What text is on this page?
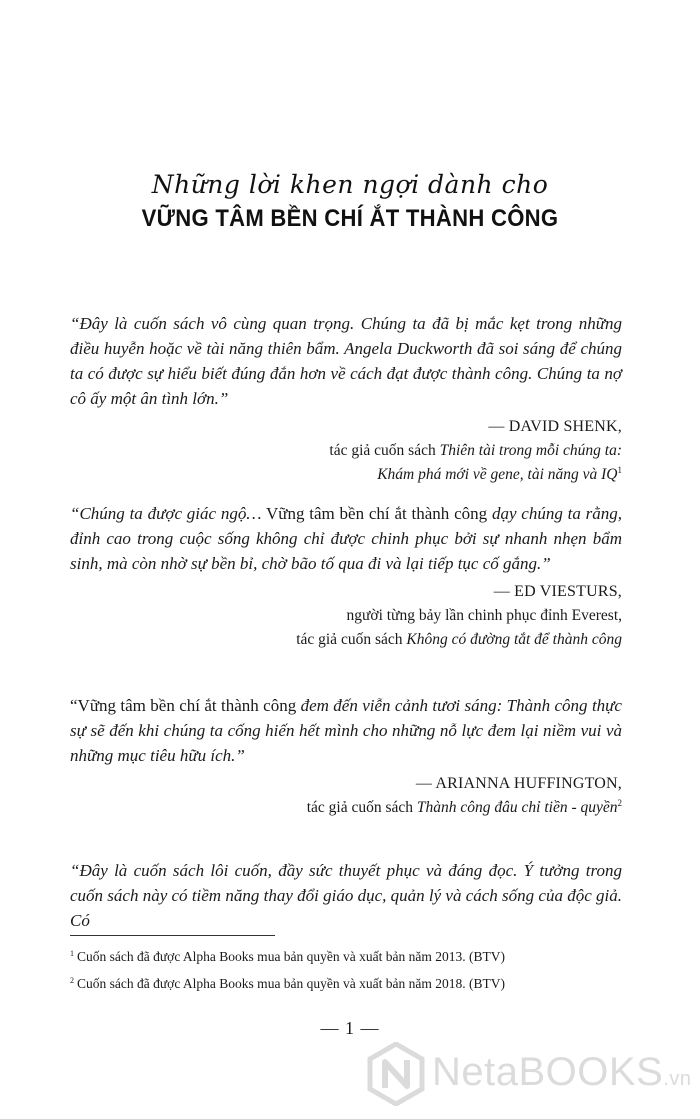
Những lời khen ngợi dành cho
VỮNG TÂM BỀN CHÍ ẮT THÀNH CÔNG

“Đây là cuốn sách vô cùng quan trọng. Chúng ta đã bị mắc kẹt trong những điều huyễn hoặc về tài năng thiên bẩm. Angela Duckworth đã soi sáng để chúng ta có được sự hiểu biết đúng đắn hơn về cách đạt được thành công. Chúng ta nợ cô ấy một ân tình lớn.”

— DAVID SHENK,

tác giả cuốn sách Thiên tài trong mỗi chúng ta:

Khám phá mới về gene, tài năng và $IQ^1$

“Chúng ta được giác ngộ… Vững tâm bền chí ắt thành công dạy chúng ta rằng, đỉnh cao trong cuộc sống không chỉ được chinh phục bởi sự nhanh nhẹn bẩm sinh, mà còn nhờ sự bền bỉ, chờ bão tố qua đi và lại tiếp tục cố gắng.”

— ED VIESTURS,

người từng bảy lần chinh phục đỉnh Everest,

tác giả cuốn sách Không có đường tắt để thành công

“Vững tâm bền chí ắt thành công đem đến viễn cảnh tươi sáng: Thành công thực sự sẽ đến khi chúng ta cống hiến hết mình cho những nỗ lực đem lại niềm vui và những mục tiêu hữu ích.”

— ARIANNA HUFFINGTON,

tác giả cuốn sách Thành công đâu chỉ tiền - quyền$^2$

“Đây là cuốn sách lôi cuốn, đầy sức thuyết phục và đáng đọc. Ý tưởng trong cuốn sách này có tiềm năng thay đổi giáo dục, quản lý và cách sống của độc giả. Có

$^1$ Cuốn sách đã được Alpha Books mua bản quyền và xuất bản năm 2013. (BTV)
$^2$ Cuốn sách đã được Alpha Books mua bản quyền và xuất bản năm 2018. (BTV)
— 1 —
NetaBOOKS.vn
